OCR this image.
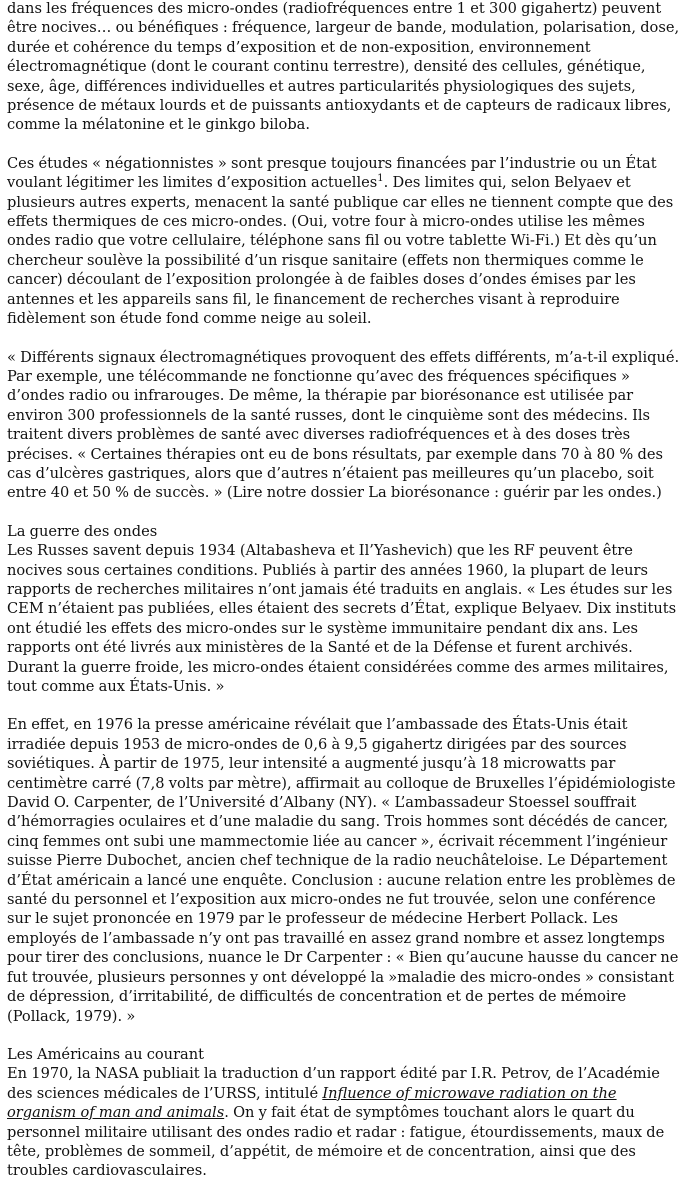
dans les fréquences des micro-ondes (radiofréquences entre 1 et 300 gigahertz) peuvent être nocives… ou bénéfiques : fréquence, largeur de bande, modulation, polarisation, dose, durée et cohérence du temps d’exposition et de non-exposition, environnement électromagnétique (dont le courant continu terrestre), densité des cellules, génétique, sexe, âge, différences individuelles et autres particularités physiologiques des sujets, présence de métaux lourds et de puissants antioxydants et de capteurs de radicaux libres, comme la mélatonine et le ginkgo biloba.

Ces études « négationnistes » sont presque toujours financées par l’industrie ou un État voulant légitimer les limites d’exposition actuelles$^1$. Des limites qui, selon Belyaev et plusieurs autres experts, menacent la santé publique car elles ne tiennent compte que des effets thermiques de ces micro-ondes. (Oui, votre four à micro-ondes utilise les mêmes ondes radio que votre cellulaire, téléphone sans fil ou votre tablette Wi-Fi.) Et dès qu’un chercheur soulève la possibilité d’un risque sanitaire (effets non thermiques comme le cancer) découlant de l’exposition prolongée à de faibles doses d’ondes émises par les antennes et les appareils sans fil, le financement de recherches visant à reproduire fidèlement son étude fond comme neige au soleil.

« Différents signaux électromagnétiques provoquent des effets différents, m’a-t-il expliqué. Par exemple, une télécommande ne fonctionne qu’avec des fréquences spécifiques » d’ondes radio ou infrarouges. De même, la thérapie par biorésonance est utilisée par environ 300 professionnels de la santé russes, dont le cinquième sont des médecins. Ils traitent divers problèmes de santé avec diverses radiofréquences et à des doses très précises. « Certaines thérapies ont eu de bons résultats, par exemple dans 70 à 80 % des cas d’ulcères gastriques, alors que d’autres n’étaient pas meilleures qu’un placebo, soit entre 40 et 50 % de succès. » (Lire notre dossier La biorésonance : guérir par les ondes.)

La guerre des ondes
Les Russes savent depuis 1934 (Altabasheva et Il’Yashevich) que les RF peuvent être nocives sous certaines conditions. Publiés à partir des années 1960, la plupart de leurs rapports de recherches militaires n’ont jamais été traduits en anglais. « Les études sur les CEM n’étaient pas publiées, elles étaient des secrets d’État, explique Belyaev. Dix instituts ont étudié les effets des micro-ondes sur le système immunitaire pendant dix ans. Les rapports ont été livrés aux ministères de la Santé et de la Défense et furent archivés. Durant la guerre froide, les micro-ondes étaient considérées comme des armes militaires, tout comme aux États-Unis. »

En effet, en 1976 la presse américaine révélait que l’ambassade des États-Unis était irradiée depuis 1953 de micro-ondes de 0,6 à 9,5 gigahertz dirigées par des sources soviétiques. À partir de 1975, leur intensité a augmenté jusqu’à 18 microwatts par centimètre carré (7,8 volts par mètre), affirmait au colloque de Bruxelles l’épidémiologiste David O. Carpenter, de l’Université d’Albany (NY). « L’ambassadeur Stoessel souffrait d’hémorragies oculaires et d’une maladie du sang. Trois hommes sont décédés de cancer, cinq femmes ont subi une mammectomie liée au cancer », écrivait récemment l’ingénieur suisse Pierre Dubochet, ancien chef technique de la radio neuchâteloise. Le Département d’État américain a lancé une enquête. Conclusion : aucune relation entre les problèmes de santé du personnel et l’exposition aux micro-ondes ne fut trouvée, selon une conférence sur le sujet prononcée en 1979 par le professeur de médecine Herbert Pollack. Les employés de l’ambassade n’y ont pas travaillé en assez grand nombre et assez longtemps pour tirer des conclusions, nuance le Dr Carpenter : « Bien qu’aucune hausse du cancer ne fut trouvée, plusieurs personnes y ont développé la »maladie des micro-ondes » consistant de dépression, d’irritabilité, de difficultés de concentration et de pertes de mémoire (Pollack, 1979). »

Les Américains au courant
En 1970, la NASA publiait la traduction d’un rapport édité par I.R. Petrov, de l’Académie des sciences médicales de l’URSS, intitulé Influence of microwave radiation on the organism of man and animals. On y fait état de symptômes touchant alors le quart du personnel militaire utilisant des ondes radio et radar : fatigue, étourdissements, maux de tête, problèmes de sommeil, d’appétit, de mémoire et de concentration, ainsi que des troubles cardiovasculaires.
